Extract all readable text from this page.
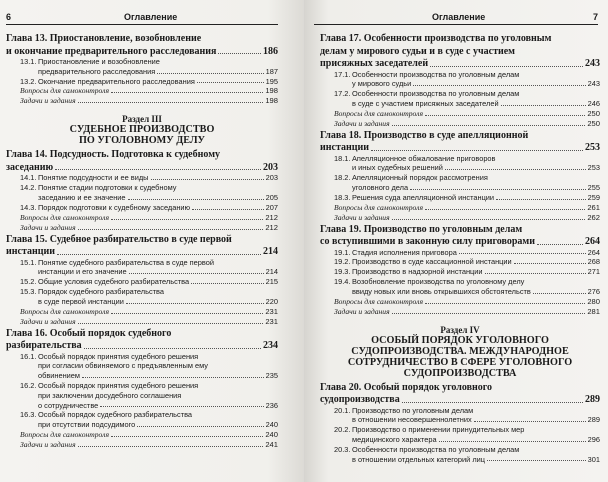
6	Оглавление
Глава 13. Приостановление, возобновление
и окончание предварительного расследования	186
13.1. Приостановление и возобновление
предварительного расследования	187
13.2. Окончание предварительного расследования	195
Вопросы для самоконтроля	198
Задачи и задания	198
Раздел III
СУДЕБНОЕ ПРОИЗВОДСТВО
ПО УГОЛОВНОМУ ДЕЛУ
Глава 14. Подсудность. Подготовка к судебному
заседанию	203
14.1. Понятие подсудности и ее виды	203
14.2. Понятие стадии подготовки к судебному
заседанию и ее значение	205
14.3. Порядок подготовки к судебному заседанию	207
Вопросы для самоконтроля	212
Задачи и задания	212
Глава 15. Судебное разбирательство в суде первой
инстанции	214
15.1. Понятие судебного разбирательства в суде первой
инстанции и его значение	214
15.2. Общие условия судебного разбирательства	215
15.3. Порядок судебного разбирательства
в суде первой инстанции	220
Вопросы для самоконтроля	231
Задачи и задания	231
Глава 16. Особый порядок судебного
разбирательства	234
16.1. Особый порядок принятия судебного решения
при согласии обвиняемого с предъявленным ему
обвинением	235
16.2. Особый порядок принятия судебного решения
при заключении досудебного соглашения
о сотрудничестве	236
16.3. Особый порядок судебного разбирательства
при отсутствии подсудимого	240
Вопросы для самоконтроля	240
Задачи и задания	241
Оглавление	7
Глава 17. Особенности производства по уголовным
делам у мирового судьи и в суде с участием
присяжных заседателей	243
17.1. Особенности производства по уголовным делам
у мирового судьи	243
17.2. Особенности производства по уголовным делам
в суде с участием присяжных заседателей	246
Вопросы для самоконтроля	250
Задачи и задания	250
Глава 18. Производство в суде апелляционной
инстанции	253
18.1. Апелляционное обжалование приговоров
и иных судебных решений	253
18.2. Апелляционный порядок рассмотрения
уголовного дела	255
18.3. Решения суда апелляционной инстанции	259
Вопросы для самоконтроля	261
Задачи и задания	262
Глава 19. Производство по уголовным делам
со вступившими в законную силу приговорами	264
19.1. Стадия исполнения приговора	264
19.2. Производство в суде кассационной инстанции	268
19.3. Производство в надзорной инстанции	271
19.4. Возобновление производства по уголовному делу
ввиду новых или вновь открывшихся обстоятельств	276
Вопросы для самоконтроля	280
Задачи и задания	281
Раздел IV
ОСОБЫЙ ПОРЯДОК УГОЛОВНОГО
СУДОПРОИЗВОДСТВА. МЕЖДУНАРОДНОЕ
СОТРУДНИЧЕСТВО В СФЕРЕ УГОЛОВНОГО
СУДОПРОИЗВОДСТВА
Глава 20. Особый порядок уголовного
судопроизводства	289
20.1. Производство по уголовным делам
в отношении несовершеннолетних	289
20.2. Производство о применении принудительных мер
медицинского характера	296
20.3. Особенности производства по уголовным делам
в отношении отдельных категорий лиц	301
